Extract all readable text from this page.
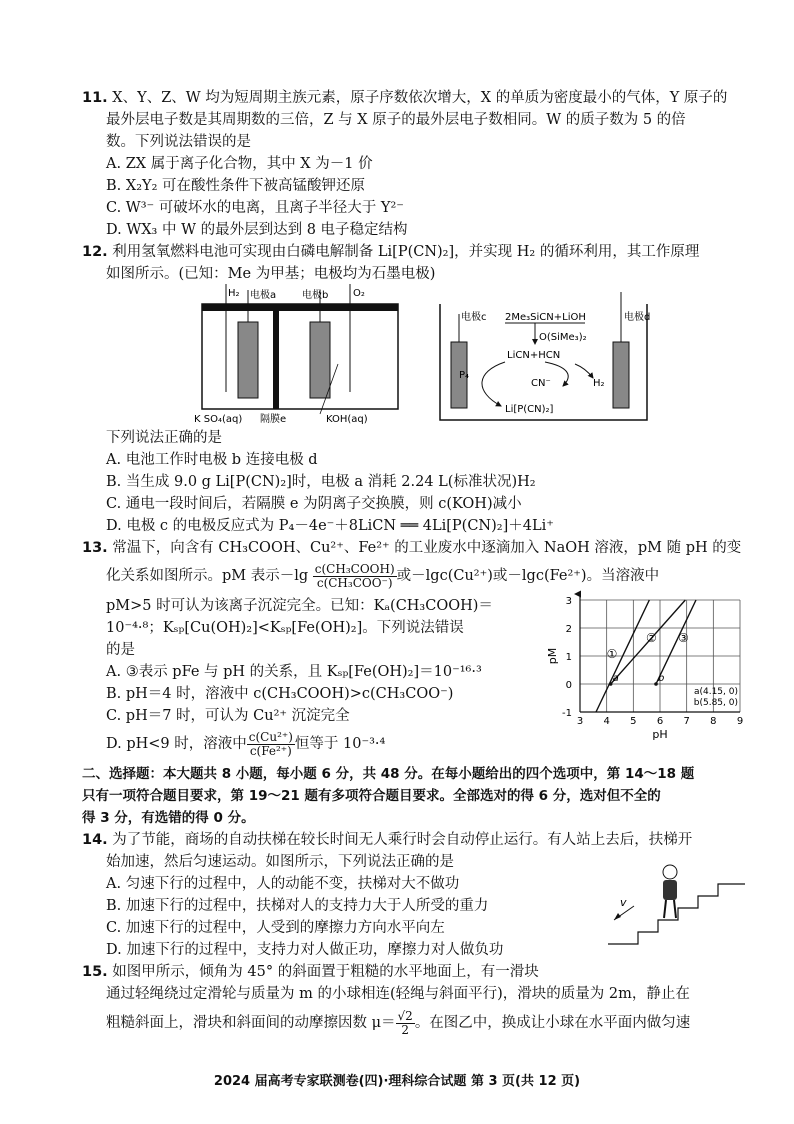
11. X、Y、Z、W 均为短周期主族元素，原子序数依次增大，X 的单质为密度最小的气体，Y 原子的
最外层电子数是其周期数的三倍，Z 与 X 原子的最外层电子数相同。W 的质子数为 5 的倍
数。下列说法错误的是
A. ZX 属于离子化合物，其中 X 为－1 价
B. X₂Y₂ 可在酸性条件下被高锰酸钾还原
C. W³⁻ 可破坏水的电离，且离子半径大于 Y²⁻
D. WX₃ 中 W 的最外层到达到 8 电子稳定结构
12. 利用氢氧燃料电池可实现由白磷电解制备 Li[P(CN)₂]，并实现 H₂ 的循环利用，其工作原理
如图所示。(已知：Me 为甲基；电极均为石墨电极)
H₂ 电极a	电极b O₂
K SO₄(aq) 隔膜e	KOH(aq)
电极c	电极d
2Me₃SiCN+LiOH
O(SiMe₃)₂
LiCN+HCN
P₄
CN⁻	H₂
Li[P(CN)₂]
下列说法正确的是
A. 电池工作时电极 b 连接电极 d
B. 当生成 9.0 g Li[P(CN)₂]时，电极 a 消耗 2.24 L(标准状况)H₂
C. 通电一段时间后，若隔膜 e 为阴离子交换膜，则 c(KOH)减小
D. 电极 c 的电极反应式为 P₄－4e⁻＋8LiCN ══ 4Li[P(CN)₂]＋4Li⁺
13. 常温下，向含有 CH₃COOH、Cu²⁺、Fe²⁺ 的工业废水中逐滴加入 NaOH 溶液，pM 随 pH 的变
化关系如图所示。pM 表示$-\lg \frac{\text{c(CH₃COOH)}}{\text{c(CH₃COO⁻)}}$ 或－lgc(Cu²⁺)或－lgc(Fe²⁺)。当溶液中
pM>5 时可认为该离子沉淀完全。已知：Kₐ(CH₃COOH)＝
10⁻⁴·⁸；Kₛₚ[Cu(OH)₂]<Kₛₚ[Fe(OH)₂]。下列说法错误
的是
A. ③表示 pFe 与 pH 的关系，且 Kₛₚ[Fe(OH)₂]＝10⁻¹⁶·³
B. pH＝4 时，溶液中 c(CH₃COOH)>c(CH₃COO⁻)
C. pH＝7 时，可认为 Cu²⁺ 沉淀完全
D. pH<9 时，溶液中 $\frac{\text{c(Cu²⁺)}}{\text{c(Fe²⁺)}}$ 恒等于 10⁻³·⁴
①
② ③
a	b
3 4 5 6 7 8 9
-1
0
1
2
3
pH
pM
a(4.15, 0)
b(5.85, 0)
二、选择题：本大题共 8 小题，每小题 6 分，共 48 分。在每小题给出的四个选项中，第 14～18 题
只有一项符合题目要求，第 19～21 题有多项符合题目要求。全部选对的得 6 分，选对但不全的
得 3 分，有选错的得 0 分。
14. 为了节能，商场的自动扶梯在较长时间无人乘行时会自动停止运行。有人站上去后，扶梯开
始加速，然后匀速运动。如图所示，下列说法正确的是
A. 匀速下行的过程中，人的动能不变，扶梯对大不做功
B. 加速下行的过程中，扶梯对人的支持力大于人所受的重力
C. 加速下行的过程中，人受到的摩擦力方向水平向左
D. 加速下行的过程中，支持力对人做正功，摩擦力对人做负功
v
15. 如图甲所示，倾角为 45° 的斜面置于粗糙的水平地面上，有一滑块
通过轻绳绕过定滑轮与质量为 m 的小球相连(轻绳与斜面平行)，滑块的质量为 2m，静止在
粗糙斜面上，滑块和斜面间的动摩擦因数 $\mu= \frac{√2}{2}$ 。在图乙中，换成让小球在水平面内做匀速
2024 届高考专家联测卷(四)·理科综合试题 第 3 页(共 12 页)
